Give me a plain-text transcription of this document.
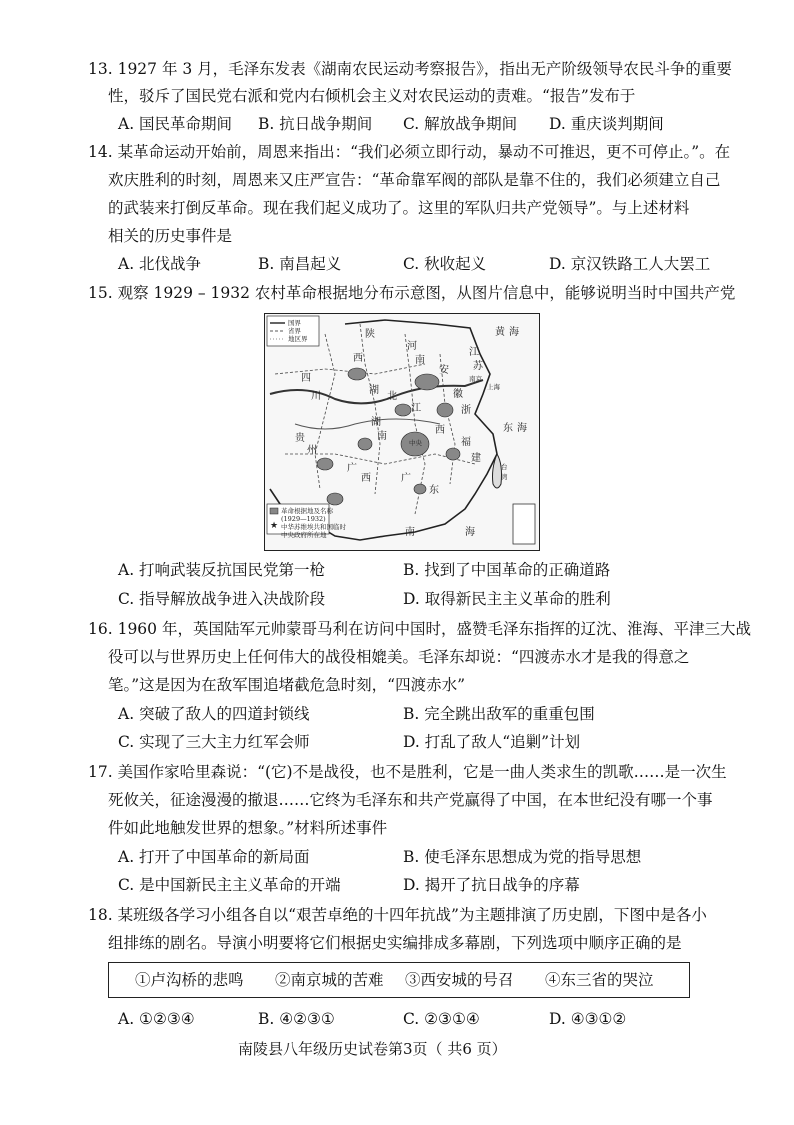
13. 1927 年 3 月，毛泽东发表《湖南农民运动考察报告》，指出无产阶级领导农民斗争的重要
性，驳斥了国民党右派和党内右倾机会主义对农民运动的责难。“报告”发布于
A. 国民革命期间 B. 抗日战争期间 C. 解放战争期间 D. 重庆谈判期间
14. 某革命运动开始前，周恩来指出：“我们必须立即行动，暴动不可推迟，更不可停止。”。在
欢庆胜利的时刻，周恩来又庄严宣告：“革命靠军阀的部队是靠不住的，我们必须建立自己
的武装来打倒反革命。现在我们起义成功了。这里的军队归共产党领导”。与上述材料
相关的历史事件是
A. 北伐战争	B. 南昌起义	C. 秋收起义	D. 京汉铁路工人大罢工
15. 观察 1929 – 1932 农村革命根据地分布示意图，从图片信息中，能够说明当时中国共产党
★
国界
省界
地区界	陕
西
河
南
四
川
湖
北
安
徽
江
苏
浙
湖
南
江
西
福
建
广
西	广
东
贵
州
台
湾
黄 海
东 海
南	海
中央
南京
上海
革命根据地及名称
(1929—1932)
中华苏维埃共和国临时
中央政府所在地
A. 打响武装反抗国民党第一枪	B. 找到了中国革命的正确道路
C. 指导解放战争进入决战阶段	D. 取得新民主主义革命的胜利
16. 1960 年，英国陆军元帅蒙哥马利在访问中国时，盛赞毛泽东指挥的辽沈、淮海、平津三大战
役可以与世界历史上任何伟大的战役相媲美。毛泽东却说：“四渡赤水才是我的得意之
笔。”这是因为在敌军围追堵截危急时刻，“四渡赤水”
A. 突破了敌人的四道封锁线	B. 完全跳出敌军的重重包围
C. 实现了三大主力红军会师	D. 打乱了敌人“追剿”计划
17. 美国作家哈里森说：“(它)不是战役，也不是胜利，它是一曲人类求生的凯歌……是一次生
死攸关，征途漫漫的撤退……它终为毛泽东和共产党赢得了中国，在本世纪没有哪一个事
件如此地触发世界的想象。”材料所述事件
A. 打开了中国革命的新局面	B. 使毛泽东思想成为党的指导思想
C. 是中国新民主主义革命的开端	D. 揭开了抗日战争的序幕
18. 某班级各学习小组各自以“艰苦卓绝的十四年抗战”为主题排演了历史剧，下图中是各小
组排练的剧名。导演小明要将它们根据史实编排成多幕剧，下列选项中顺序正确的是
①卢沟桥的悲鸣 ②南京城的苦难 ③西安城的号召 ④东三省的哭泣
A. ①②③④	B. ④②③①	C. ②③①④	D. ④③①②
南陵县八年级历史试卷第3页（ 共6 页）
